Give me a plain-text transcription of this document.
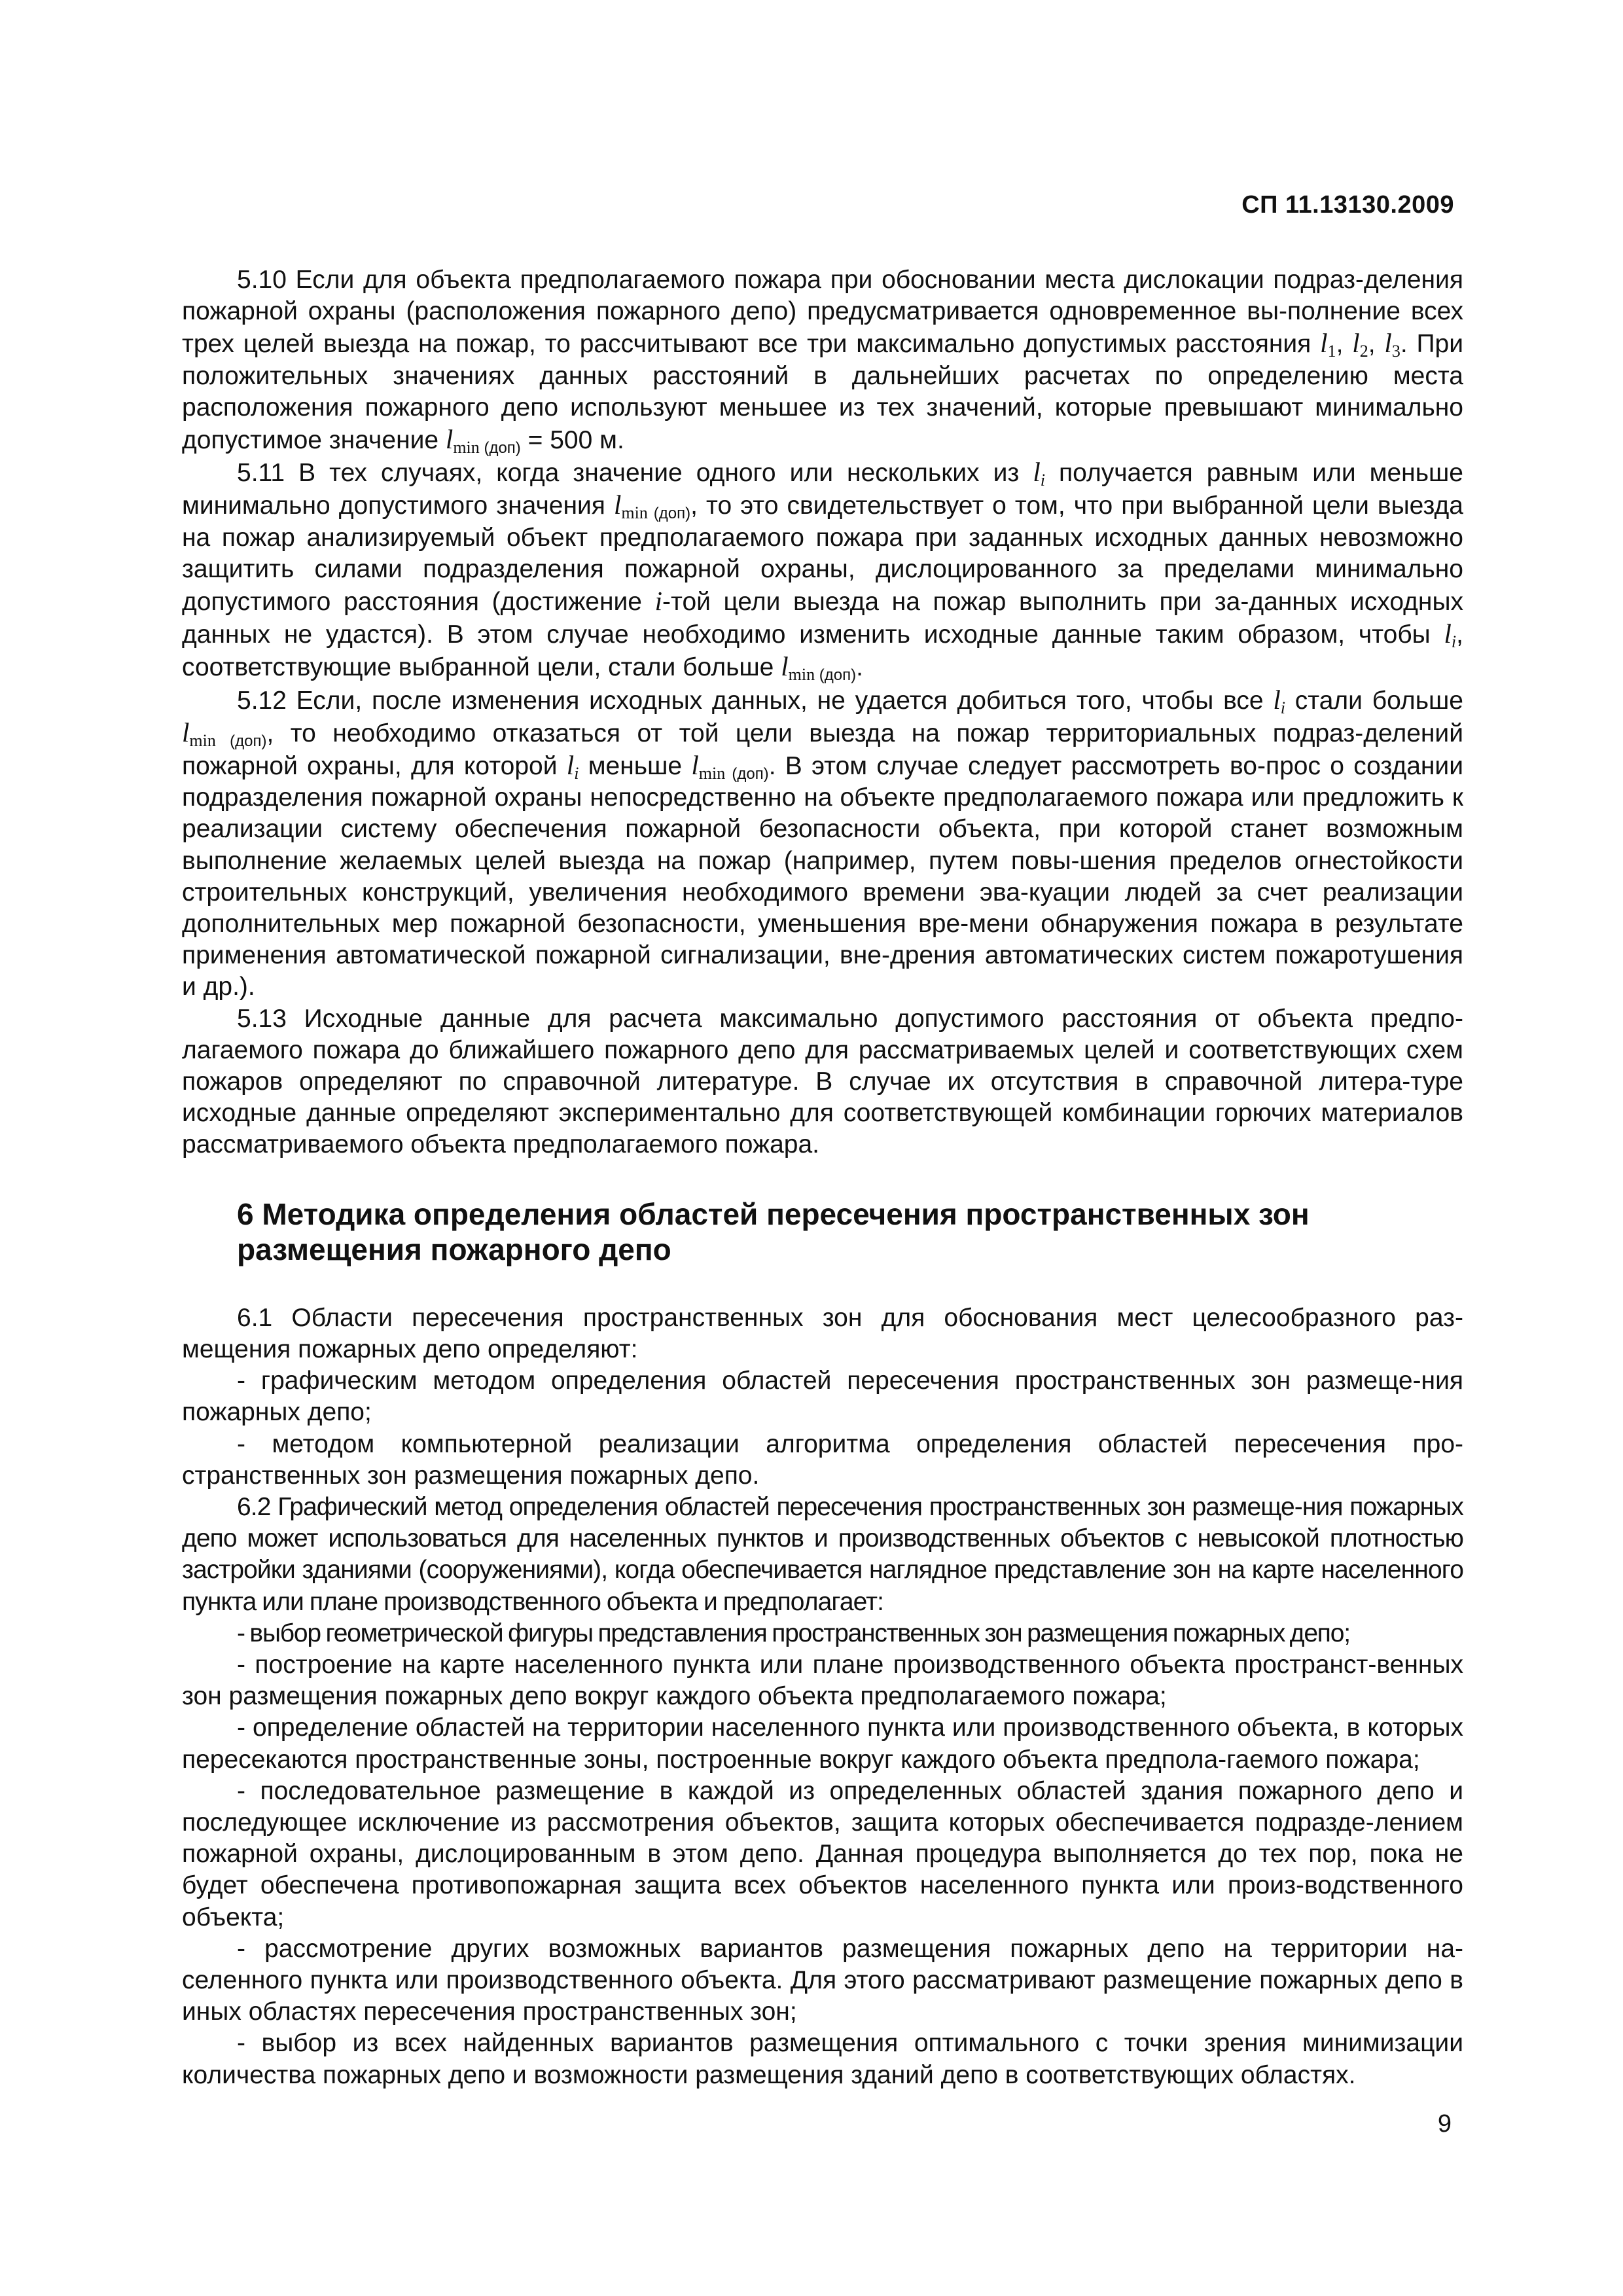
СП 11.13130.2009

5.10 Если для объекта предполагаемого пожара при обосновании места дислокации подраз-деления пожарной охраны (расположения пожарного депо) предусматривается одновременное вы-полнение всех трех целей выезда на пожар, то рассчитывают все три максимально допустимых расстояния $l_1$, $l_2$, $l_3$. При положительных значениях данных расстояний в дальнейших расчетах по определению места расположения пожарного депо используют меньшее из тех значений, которые превышают минимально допустимое значение $l_{min (доп)} = 500$ м.

5.11 В тех случаях, когда значение одного или нескольких из $l_i$ получается равным или меньше минимально допустимого значения $l_{min (доп)}$, то это свидетельствует о том, что при выбранной цели выезда на пожар анализируемый объект предполагаемого пожара при заданных исходных данных невозможно защитить силами подразделения пожарной охраны, дислоцированного за пределами минимально допустимого расстояния (достижение i-той цели выезда на пожар выполнить при за-данных исходных данных не удастся). В этом случае необходимо изменить исходные данные таким образом, чтобы $l_i$, соответствующие выбранной цели, стали больше $l_{min (доп)}$.

5.12 Если, после изменения исходных данных, не удается добиться того, чтобы все $l_i$ стали больше $l_{min (доп)}$, то необходимо отказаться от той цели выезда на пожар территориальных подраз-делений пожарной охраны, для которой $l_i$ меньше $l_{min (доп)}$. В этом случае следует рассмотреть во-прос о создании подразделения пожарной охраны непосредственно на объекте предполагаемого пожара или предложить к реализации систему обеспечения пожарной безопасности объекта, при которой станет возможным выполнение желаемых целей выезда на пожар (например, путем повы-шения пределов огнестойкости строительных конструкций, увеличения необходимого времени эва-куации людей за счет реализации дополнительных мер пожарной безопасности, уменьшения вре-мени обнаружения пожара в результате применения автоматической пожарной сигнализации, вне-дрения автоматических систем пожаротушения и др.).

5.13 Исходные данные для расчета максимально допустимого расстояния от объекта предпо-лагаемого пожара до ближайшего пожарного депо для рассматриваемых целей и соответствующих схем пожаров определяют по справочной литературе. В случае их отсутствия в справочной литера-туре исходные данные определяют экспериментально для соответствующей комбинации горючих материалов рассматриваемого объекта предполагаемого пожара.

6 Методика определения областей пересечения пространственных зон размещения пожарного депо

6.1 Области пересечения пространственных зон для обоснования мест целесообразного раз-мещения пожарных депо определяют:

- графическим методом определения областей пересечения пространственных зон размеще-ния пожарных депо;

- методом компьютерной реализации алгоритма определения областей пересечения про-странственных зон размещения пожарных депо.

6.2 Графический метод определения областей пересечения пространственных зон размеще-ния пожарных депо может использоваться для населенных пунктов и производственных объектов с невысокой плотностью застройки зданиями (сооружениями), когда обеспечивается наглядное представление зон на карте населенного пункта или плане производственного объекта и предполагает:

- выбор геометрической фигуры представления пространственных зон размещения пожарных депо;

- построение на карте населенного пункта или плане производственного объекта пространст-венных зон размещения пожарных депо вокруг каждого объекта предполагаемого пожара;

- определение областей на территории населенного пункта или производственного объекта, в которых пересекаются пространственные зоны, построенные вокруг каждого объекта предпола-гаемого пожара;

- последовательное размещение в каждой из определенных областей здания пожарного депо и последующее исключение из рассмотрения объектов, защита которых обеспечивается подразде-лением пожарной охраны, дислоцированным в этом депо. Данная процедура выполняется до тех пор, пока не будет обеспечена противопожарная защита всех объектов населенного пункта или произ-водственного объекта;

- рассмотрение других возможных вариантов размещения пожарных депо на территории на-селенного пункта или производственного объекта. Для этого рассматривают размещение пожарных депо в иных областях пересечения пространственных зон;

- выбор из всех найденных вариантов размещения оптимального с точки зрения минимизации количества пожарных депо и возможности размещения зданий депо в соответствующих областях.

9
